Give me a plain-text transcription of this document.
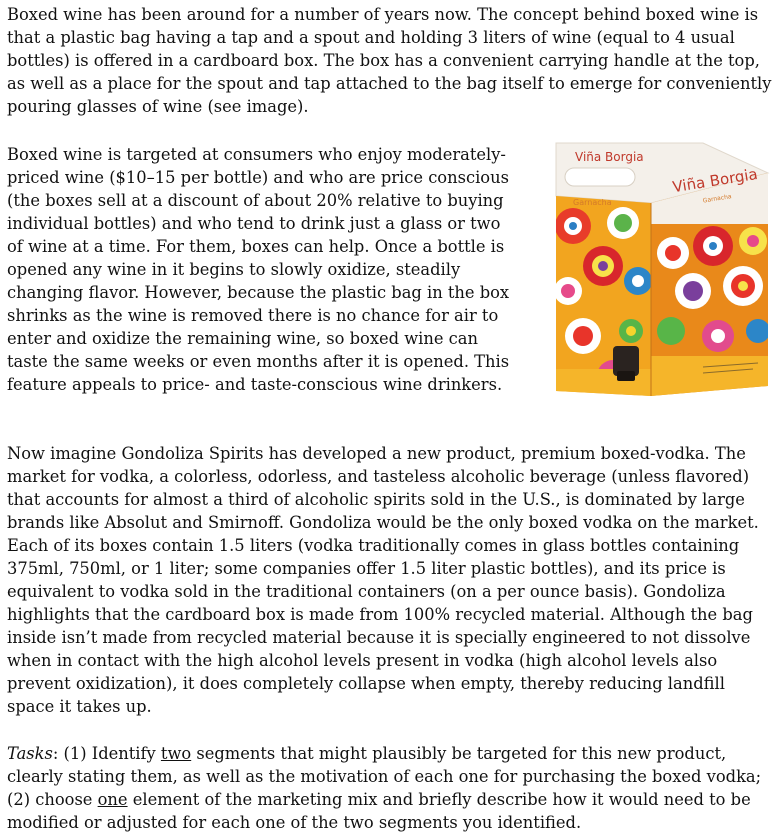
Boxed wine has been around for a number of years now. The concept behind boxed wine is that a plastic bag having a tap and a spout and holding 3 liters of wine (equal to 4 usual bottles) is offered in a cardboard box. The box has a convenient carrying handle at the top, as well as a place for the spout and tap attached to the bag itself to emerge for conveniently pouring glasses of wine (see image).

Boxed wine is targeted at consumers who enjoy moderately-priced wine ($10–15 per bottle) and who are price conscious (the boxes sell at a discount of about 20% relative to buying individual bottles) and who tend to drink just a glass or two of wine at a time. For them, boxes can help. Once a bottle is opened any wine in it begins to slowly oxidize, steadily changing flavor. However, because the plastic bag in the box shrinks as the wine is removed there is no chance for air to enter and oxidize the remaining wine, so boxed wine can taste the same weeks or even months after it is opened. This feature appeals to price- and taste-conscious wine drinkers.

Viña Borgia
Garnacha
Viña Borgia
Garnacha

Now imagine Gondoliza Spirits has developed a new product, premium boxed-vodka. The market for vodka, a colorless, odorless, and tasteless alcoholic beverage (unless flavored) that accounts for almost a third of alcoholic spirits sold in the U.S., is dominated by large brands like Absolut and Smirnoff. Gondoliza would be the only boxed vodka on the market. Each of its boxes contain 1.5 liters (vodka traditionally comes in glass bottles containing 375ml, 750ml, or 1 liter; some companies offer 1.5 liter plastic bottles), and its price is equivalent to vodka sold in the traditional containers (on a per ounce basis). Gondoliza highlights that the cardboard box is made from 100% recycled material. Although the bag inside isn’t made from recycled material because it is specially engineered to not dissolve when in contact with the high alcohol levels present in vodka (high alcohol levels also prevent oxidization), it does completely collapse when empty, thereby reducing landfill space it takes up.

Tasks: (1) Identify two segments that might plausibly be targeted for this new product, clearly stating them, as well as the motivation of each one for purchasing the boxed vodka; (2) choose one element of the marketing mix and briefly describe how it would need to be modified or adjusted for each one of the two segments you identified.
